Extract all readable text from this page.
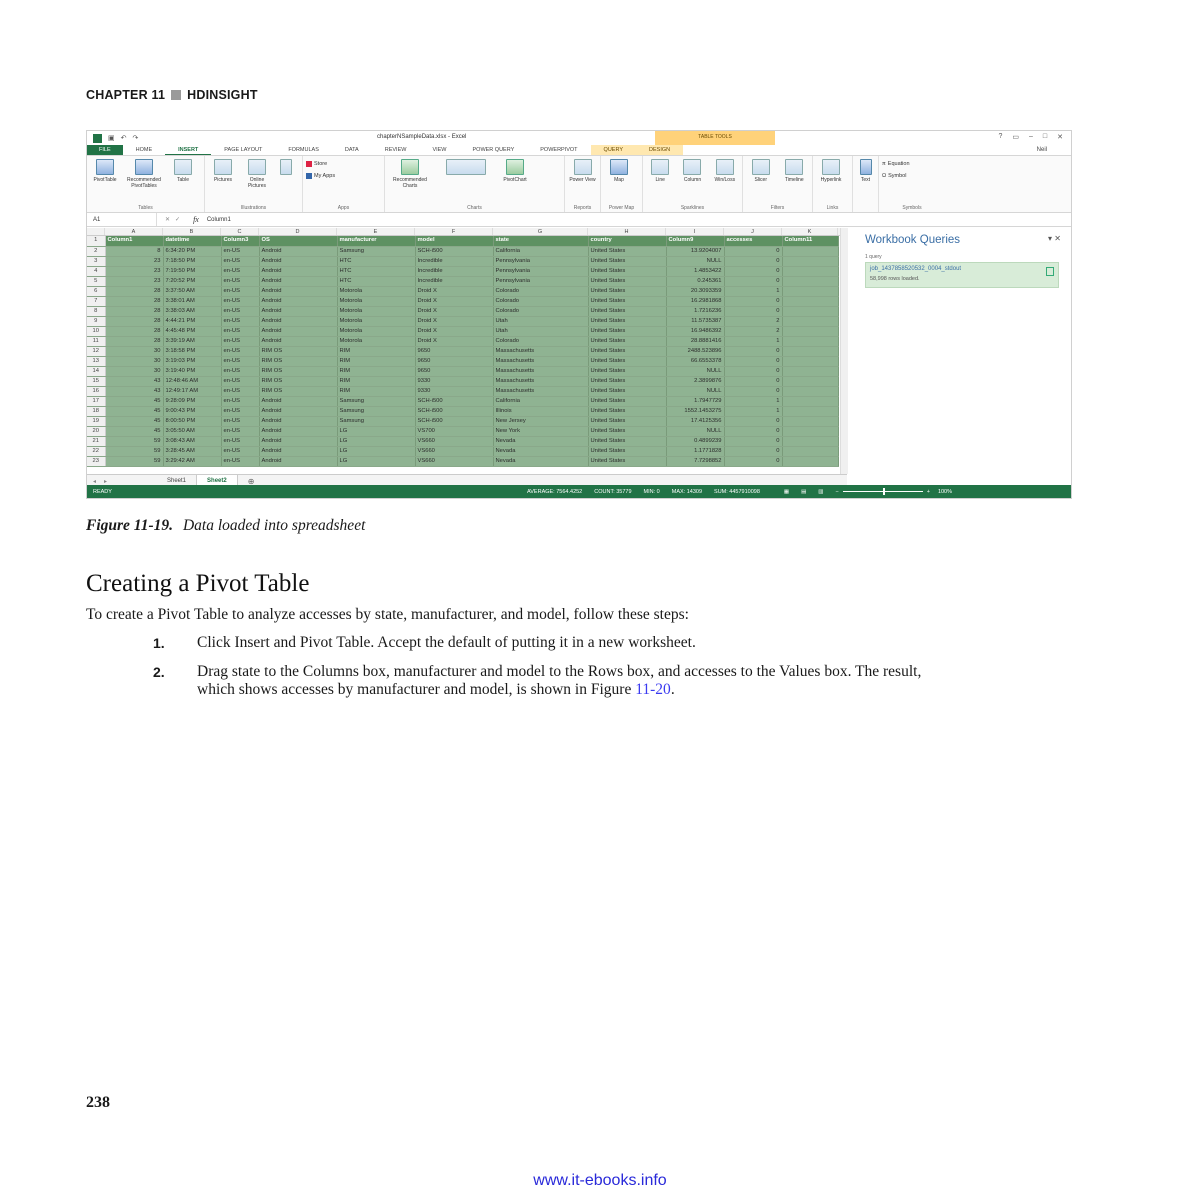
CHAPTER 11 HDINSIGHT
▣ ↶ ↷	chapterNSampleData.xlsx - Excel	TABLE TOOLS	? ▭ – □ ✕
FILE	HOME	INSERT	PAGE LAYOUT	FORMULAS	DATA	REVIEW	VIEW	POWER QUERY	POWERPIVOT	QUERY	DESIGN	Neil
PivotTable	Recommended PivotTables
Table
Tables
Pictures	Online Pictures
Illustrations
Store
My Apps
Apps
Recommended Charts
PivotChart
Charts
Power View
Reports
Map
Power Map
Line	Column	Win/Loss
Sparklines
Slicer	Timeline
Filters
Hyperlink
Links
Text
π Equation
Ω Symbol
Symbols
A1	✕✓	fx Column1
A	B	C	D	E	F	G	H	I	J	K
1	Column1	datetime	Column3	OS	manufacturer	model	state	country	Column9	accesses	Column11
2	8	6:34:20 PM	en-US	Android	Samsung	SCH-i500	California	United States	13.9204007	0	
3	23	7:18:50 PM	en-US	Android	HTC	Incredible	Pennsylvania	United States	NULL	0	
4	23	7:19:50 PM	en-US	Android	HTC	Incredible	Pennsylvania	United States	1.4853422	0	
5	23	7:20:52 PM	en-US	Android	HTC	Incredible	Pennsylvania	United States	0.245361	0	
6	28	3:37:50 AM	en-US	Android	Motorola	Droid X	Colorado	United States	20.3093359	1	
7	28	3:38:01 AM	en-US	Android	Motorola	Droid X	Colorado	United States	16.2981868	0	
8	28	3:38:03 AM	en-US	Android	Motorola	Droid X	Colorado	United States	1.7216236	0	
9	28	4:44:21 PM	en-US	Android	Motorola	Droid X	Utah	United States	11.5735387	2	
10	28	4:45:48 PM	en-US	Android	Motorola	Droid X	Utah	United States	16.9486392	2	
11	28	3:39:19 AM	en-US	Android	Motorola	Droid X	Colorado	United States	28.8881416	1	
12	30	3:18:58 PM	en-US	RIM OS	RIM	9650	Massachusetts	United States	2488.523896	0	
13	30	3:19:03 PM	en-US	RIM OS	RIM	9650	Massachusetts	United States	66.6553378	0	
14	30	3:19:40 PM	en-US	RIM OS	RIM	9650	Massachusetts	United States	NULL	0	
15	43	12:48:46 AM	en-US	RIM OS	RIM	9330	Massachusetts	United States	2.3899876	0	
16	43	12:49:17 AM	en-US	RIM OS	RIM	9330	Massachusetts	United States	NULL	0	
17	45	9:28:09 PM	en-US	Android	Samsung	SCH-i500	California	United States	1.7947729	1	
18	45	9:00:43 PM	en-US	Android	Samsung	SCH-i500	Illinois	United States	1552.1453275	1	
19	45	8:00:50 PM	en-US	Android	Samsung	SCH-i500	New Jersey	United States	17.4125356	0	
20	45	3:05:50 AM	en-US	Android	LG	VS700	New York	United States	NULL	0	
21	59	3:08:43 AM	en-US	Android	LG	VS660	Nevada	United States	0.4899239	0	
22	59	3:28:45 AM	en-US	Android	LG	VS660	Nevada	United States	1.1771828	0	
23	59	3:29:42 AM	en-US	Android	LG	VS660	Nevada	United States	7.7298852	0	
◂▸	Sheet1	Sheet2	⊕
Workbook Queries	▾ ✕
1 query
job_1437858520532_0004_stdout
58,998 rows loaded.
READY	AVERAGE: 7564.4252 COUNT: 35779 MIN: 0 MAX: 14309 SUM: 4457910098	▦▤▥ −	+ 100%
Figure 11-19. Data loaded into spreadsheet
Creating a Pivot Table

To create a Pivot Table to analyze accesses by state, manufacturer, and model, follow these steps:

1. Click Insert and Pivot Table. Accept the default of putting it in a new worksheet.
2. Drag state to the Columns box, manufacturer and model to the Rows box, and accesses to the Values box. The result, which shows accesses by manufacturer and model, is shown in Figure 11-20.
238
www.it-ebooks.info
